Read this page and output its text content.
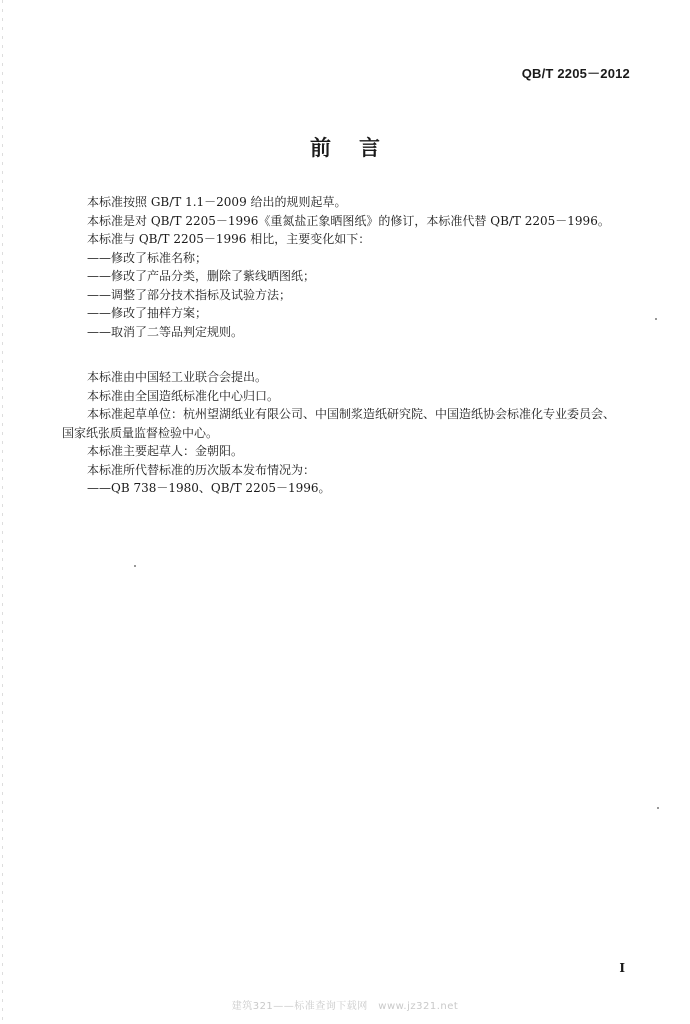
QB/T 2205－2012
前言

本标准按照 GB/T 1.1－2009 给出的规则起草。

本标准是对 QB/T 2205－1996《重氮盐正象晒图纸》的修订，本标准代替 QB/T 2205－1996。

本标准与 QB/T 2205－1996 相比，主要变化如下：

——修改了标准名称；

——修改了产品分类，删除了紫线晒图纸；

——调整了部分技术指标及试验方法；

——修改了抽样方案；

——取消了二等品判定规则。

本标准由中国轻工业联合会提出。

本标准由全国造纸标准化中心归口。

本标准起草单位：杭州望湖纸业有限公司、中国制浆造纸研究院、中国造纸协会标准化专业委员会、

国家纸张质量监督检验中心。

本标准主要起草人：金朝阳。

本标准所代替标准的历次版本发布情况为：

——QB 738－1980、QB/T 2205－1996。

I
建筑321——标准查询下载网　www.jz321.net
